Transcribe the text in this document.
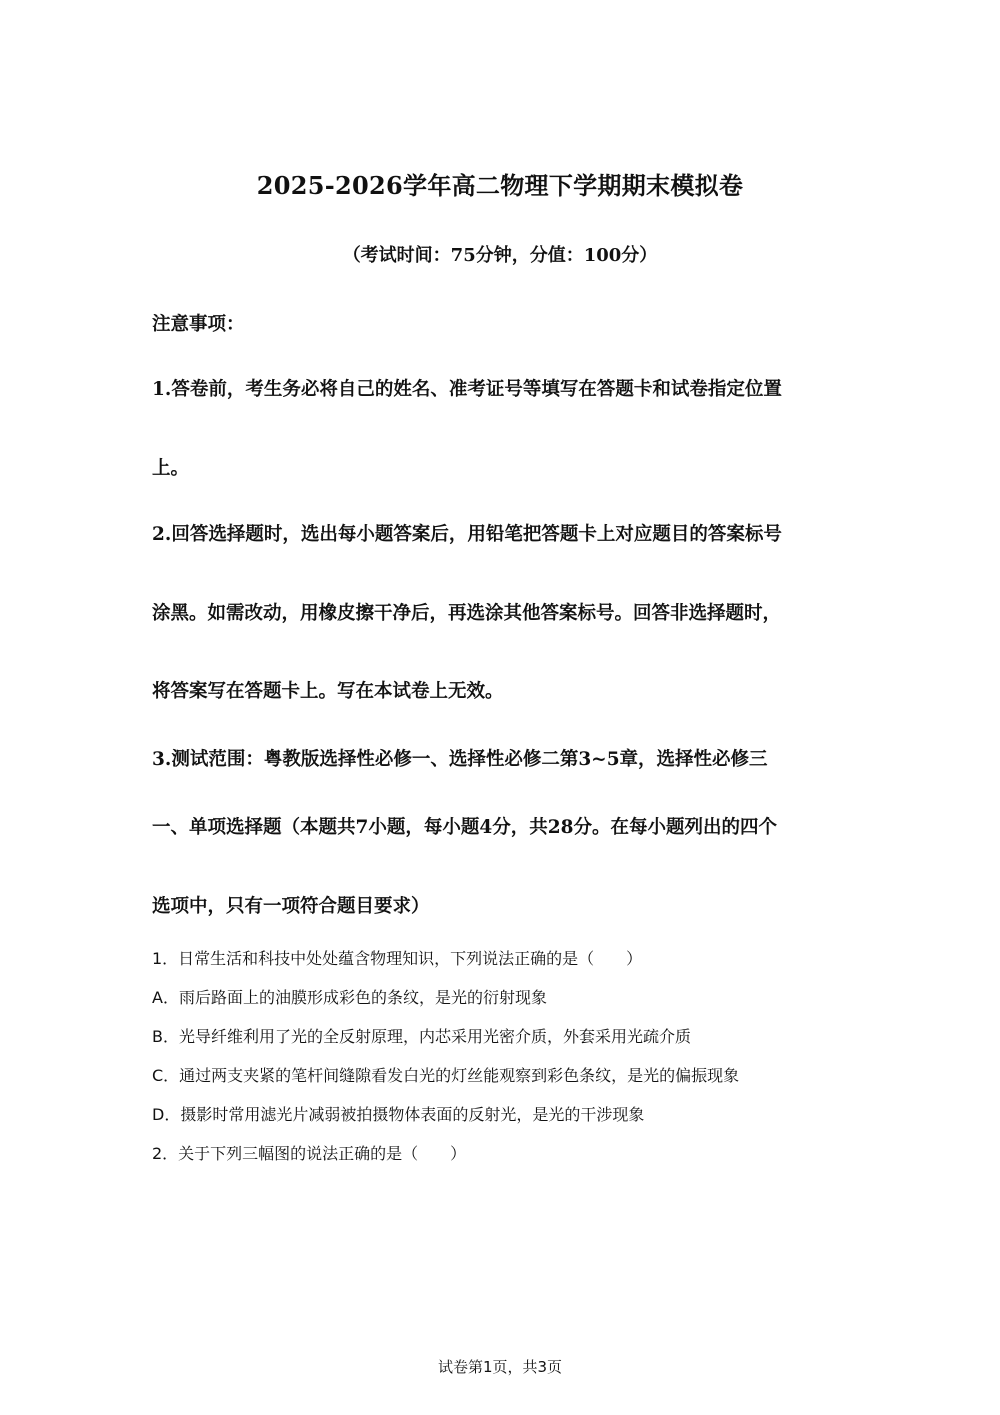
2025-2026学年高二物理下学期期末模拟卷
（考试时间：75分钟，分值：100分）
注意事项：
1.答卷前，考生务必将自己的姓名、准考证号等填写在答题卡和试卷指定位置
上。
2.回答选择题时，选出每小题答案后，用铅笔把答题卡上对应题目的答案标号
涂黑。如需改动，用橡皮擦干净后，再选涂其他答案标号。回答非选择题时，
将答案写在答题卡上。写在本试卷上无效。
3.测试范围：粤教版选择性必修一、选择性必修二第3~5章，选择性必修三
一、单项选择题（本题共7小题，每小题4分，共28分。在每小题列出的四个
选项中，只有一项符合题目要求）
1．日常生活和科技中处处蕴含物理知识，下列说法正确的是（　　）
A．雨后路面上的油膜形成彩色的条纹，是光的衍射现象
B．光导纤维利用了光的全反射原理，内芯采用光密介质，外套采用光疏介质
C．通过两支夹紧的笔杆间缝隙看发白光的灯丝能观察到彩色条纹，是光的偏振现象
D．摄影时常用滤光片减弱被拍摄物体表面的反射光，是光的干涉现象
2．关于下列三幅图的说法正确的是（　　）
试卷第1页，共3页
